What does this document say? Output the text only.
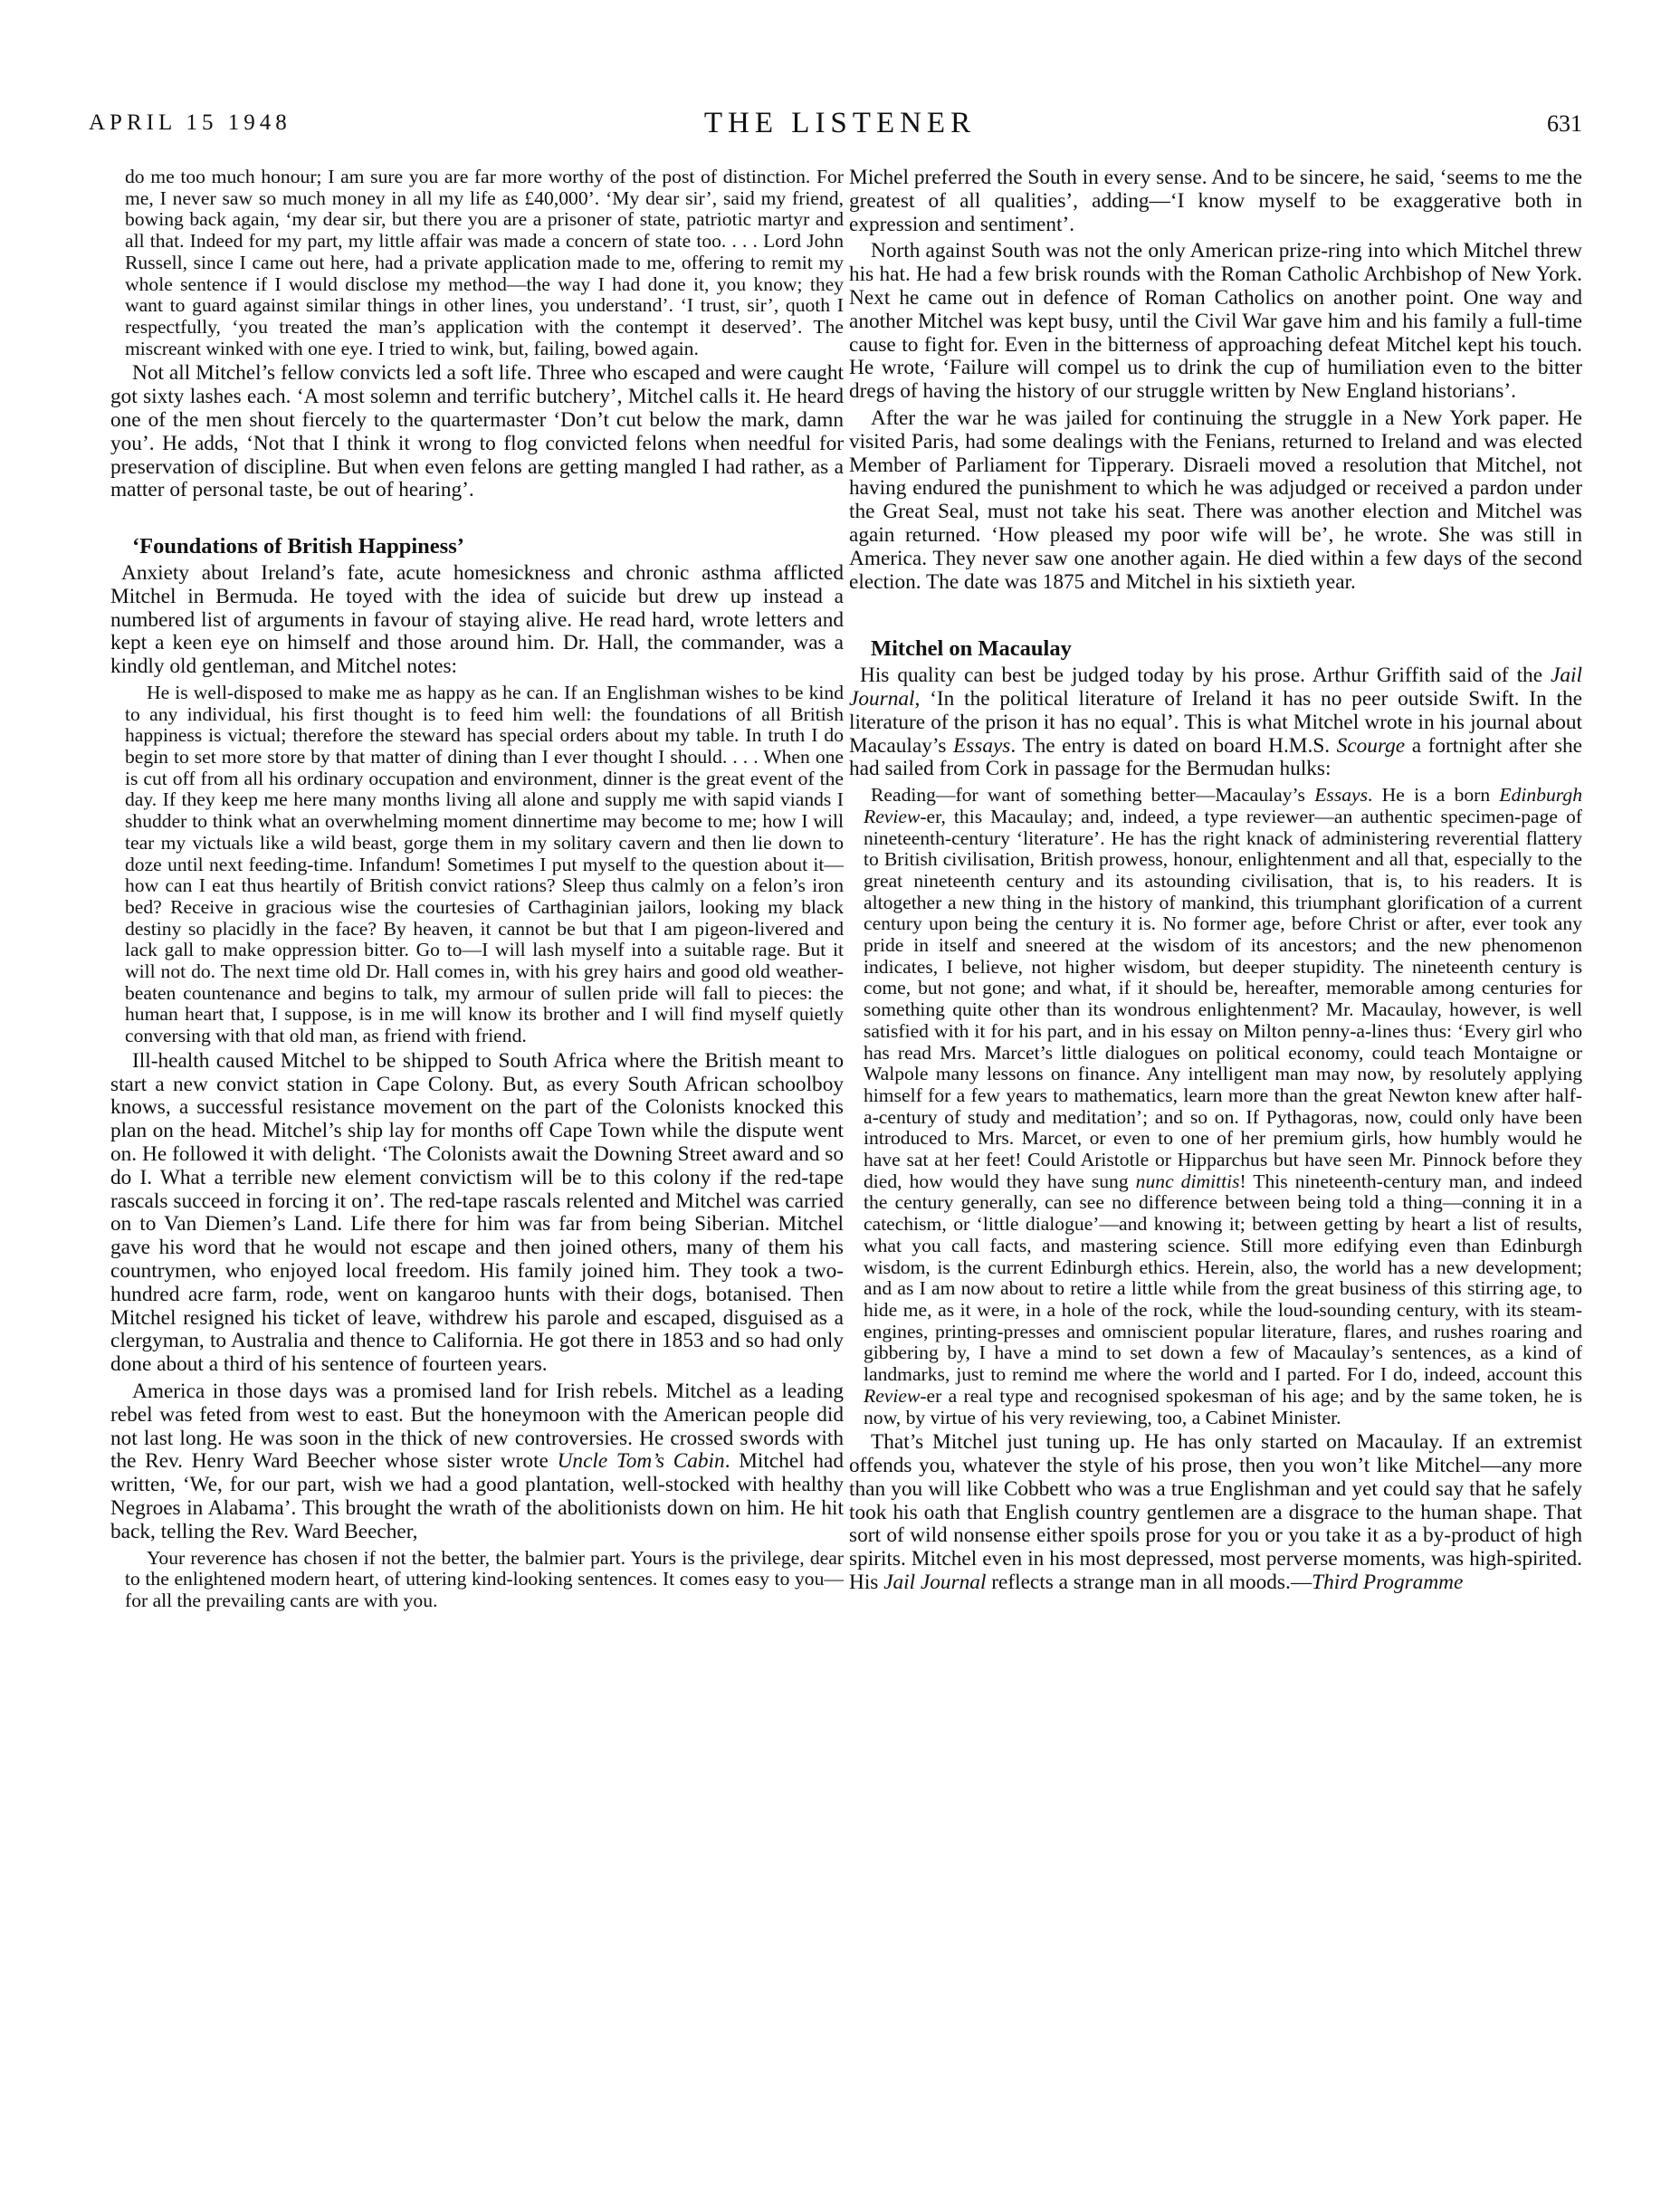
APRIL 15 1948	THE LISTENER	631

do me too much honour; I am sure you are far more worthy of the post of distinction. For me, I never saw so much money in all my life as £40,000’. ‘My dear sir’, said my friend, bowing back again, ‘my dear sir, but there you are a prisoner of state, patriotic martyr and all that. Indeed for my part, my little affair was made a concern of state too. . . . Lord John Russell, since I came out here, had a private application made to me, offering to remit my whole sentence if I would disclose my method—the way I had done it, you know; they want to guard against similar things in other lines, you understand’. ‘I trust, sir’, quoth I respectfully, ‘you treated the man’s application with the contempt it deserved’. The miscreant winked with one eye. I tried to wink, but, failing, bowed again.

Not all Mitchel’s fellow convicts led a soft life. Three who escaped and were caught got sixty lashes each. ‘A most solemn and terrific butchery’, Mitchel calls it. He heard one of the men shout fiercely to the quartermaster ‘Don’t cut below the mark, damn you’. He adds, ‘Not that I think it wrong to flog convicted felons when needful for preservation of discipline. But when even felons are getting mangled I had rather, as a matter of personal taste, be out of hearing’.

‘Foundations of British Happiness’

Anxiety about Ireland’s fate, acute homesickness and chronic asthma afflicted Mitchel in Bermuda. He toyed with the idea of suicide but drew up instead a numbered list of arguments in favour of staying alive. He read hard, wrote letters and kept a keen eye on himself and those around him. Dr. Hall, the commander, was a kindly old gentleman, and Mitchel notes:

He is well-disposed to make me as happy as he can. If an Englishman wishes to be kind to any individual, his first thought is to feed him well: the foundations of all British happiness is victual; therefore the steward has special orders about my table. In truth I do begin to set more store by that matter of dining than I ever thought I should. . . . When one is cut off from all his ordinary occupation and environment, dinner is the great event of the day. If they keep me here many months living all alone and supply me with sapid viands I shudder to think what an overwhelming moment dinnertime may become to me; how I will tear my victuals like a wild beast, gorge them in my solitary cavern and then lie down to doze until next feeding-time. Infandum! Sometimes I put myself to the question about it—how can I eat thus heartily of British convict rations? Sleep thus calmly on a felon’s iron bed? Receive in gracious wise the courtesies of Carthaginian jailors, looking my black destiny so placidly in the face? By heaven, it cannot be but that I am pigeon-livered and lack gall to make oppression bitter. Go to—I will lash myself into a suitable rage. But it will not do. The next time old Dr. Hall comes in, with his grey hairs and good old weather-beaten countenance and begins to talk, my armour of sullen pride will fall to pieces: the human heart that, I suppose, is in me will know its brother and I will find myself quietly conversing with that old man, as friend with friend.

Ill-health caused Mitchel to be shipped to South Africa where the British meant to start a new convict station in Cape Colony. But, as every South African schoolboy knows, a successful resistance movement on the part of the Colonists knocked this plan on the head. Mitchel’s ship lay for months off Cape Town while the dispute went on. He followed it with delight. ‘The Colonists await the Downing Street award and so do I. What a terrible new element convictism will be to this colony if the red-tape rascals succeed in forcing it on’. The red-tape rascals relented and Mitchel was carried on to Van Diemen’s Land. Life there for him was far from being Siberian. Mitchel gave his word that he would not escape and then joined others, many of them his countrymen, who enjoyed local freedom. His family joined him. They took a two-hundred acre farm, rode, went on kangaroo hunts with their dogs, botanised. Then Mitchel resigned his ticket of leave, withdrew his parole and escaped, disguised as a clergyman, to Australia and thence to California. He got there in 1853 and so had only done about a third of his sentence of fourteen years.

America in those days was a promised land for Irish rebels. Mitchel as a leading rebel was feted from west to east. But the honeymoon with the American people did not last long. He was soon in the thick of new controversies. He crossed swords with the Rev. Henry Ward Beecher whose sister wrote Uncle Tom’s Cabin. Mitchel had written, ‘We, for our part, wish we had a good plantation, well-stocked with healthy Negroes in Alabama’. This brought the wrath of the abolitionists down on him. He hit back, telling the Rev. Ward Beecher,

Your reverence has chosen if not the better, the balmier part. Yours is the privilege, dear to the enlightened modern heart, of uttering kind-looking sentences. It comes easy to you—for all the prevailing cants are with you.

Michel preferred the South in every sense. And to be sincere, he said, ‘seems to me the greatest of all qualities’, adding—‘I know myself to be exaggerative both in expression and sentiment’.

North against South was not the only American prize-ring into which Mitchel threw his hat. He had a few brisk rounds with the Roman Catholic Archbishop of New York. Next he came out in defence of Roman Catholics on another point. One way and another Mitchel was kept busy, until the Civil War gave him and his family a full-time cause to fight for. Even in the bitterness of approaching defeat Mitchel kept his touch. He wrote, ‘Failure will compel us to drink the cup of humiliation even to the bitter dregs of having the history of our struggle written by New England historians’.

After the war he was jailed for continuing the struggle in a New York paper. He visited Paris, had some dealings with the Fenians, returned to Ireland and was elected Member of Parliament for Tipperary. Disraeli moved a resolution that Mitchel, not having endured the punishment to which he was adjudged or received a pardon under the Great Seal, must not take his seat. There was another election and Mitchel was again returned. ‘How pleased my poor wife will be’, he wrote. She was still in America. They never saw one another again. He died within a few days of the second election. The date was 1875 and Mitchel in his sixtieth year.

Mitchel on Macaulay

His quality can best be judged today by his prose. Arthur Griffith said of the Jail Journal, ‘In the political literature of Ireland it has no peer outside Swift. In the literature of the prison it has no equal’. This is what Mitchel wrote in his journal about Macaulay’s Essays. The entry is dated on board H.M.S. Scourge a fortnight after she had sailed from Cork in passage for the Bermudan hulks:

Reading—for want of something better—Macaulay’s Essays. He is a born Edinburgh Review-er, this Macaulay; and, indeed, a type reviewer—an authentic specimen-page of nineteenth-century ‘literature’. He has the right knack of administering reverential flattery to British civilisation, British prowess, honour, enlightenment and all that, especially to the great nineteenth century and its astounding civilisation, that is, to his readers. It is altogether a new thing in the history of mankind, this triumphant glorification of a current century upon being the century it is. No former age, before Christ or after, ever took any pride in itself and sneered at the wisdom of its ancestors; and the new phenomenon indicates, I believe, not higher wisdom, but deeper stupidity. The nineteenth century is come, but not gone; and what, if it should be, hereafter, memorable among centuries for something quite other than its wondrous enlightenment? Mr. Macaulay, however, is well satisfied with it for his part, and in his essay on Milton penny-a-lines thus: ‘Every girl who has read Mrs. Marcet’s little dialogues on political economy, could teach Montaigne or Walpole many lessons on finance. Any intelligent man may now, by resolutely applying himself for a few years to mathematics, learn more than the great Newton knew after half-a-century of study and meditation’; and so on. If Pythagoras, now, could only have been introduced to Mrs. Marcet, or even to one of her premium girls, how humbly would he have sat at her feet! Could Aristotle or Hipparchus but have seen Mr. Pinnock before they died, how would they have sung nunc dimittis! This nineteenth-century man, and indeed the century generally, can see no difference between being told a thing—conning it in a catechism, or ‘little dialogue’—and knowing it; between getting by heart a list of results, what you call facts, and mastering science. Still more edifying even than Edinburgh wisdom, is the current Edinburgh ethics. Herein, also, the world has a new development; and as I am now about to retire a little while from the great business of this stirring age, to hide me, as it were, in a hole of the rock, while the loud-sounding century, with its steam-engines, printing-presses and omniscient popular literature, flares, and rushes roaring and gibbering by, I have a mind to set down a few of Macaulay’s sentences, as a kind of landmarks, just to remind me where the world and I parted. For I do, indeed, account this Review-er a real type and recognised spokesman of his age; and by the same token, he is now, by virtue of his very reviewing, too, a Cabinet Minister.

That’s Mitchel just tuning up. He has only started on Macaulay. If an extremist offends you, whatever the style of his prose, then you won’t like Mitchel—any more than you will like Cobbett who was a true Englishman and yet could say that he safely took his oath that English country gentlemen are a disgrace to the human shape. That sort of wild nonsense either spoils prose for you or you take it as a by-product of high spirits. Mitchel even in his most depressed, most perverse moments, was high-spirited. His Jail Journal reflects a strange man in all moods.—Third Programme
